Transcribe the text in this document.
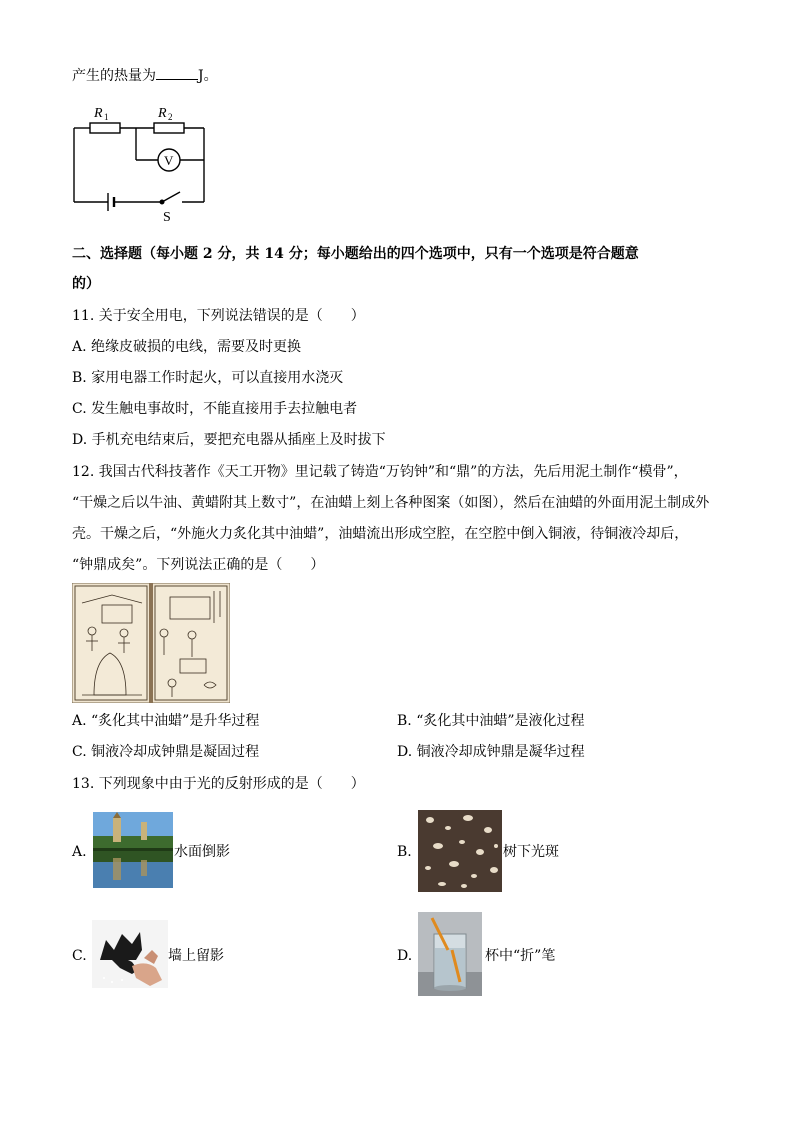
产生的热量为	J。
R 1	R 2
V
S
二、选择题（每小题 2 分，共 14 分；每小题给出的四个选项中，只有一个选项是符合题意
的）
11. 关于安全用电，下列说法错误的是（　　）
A. 绝缘皮破损的电线，需要及时更换
B. 家用电器工作时起火，可以直接用水浇灭
C. 发生触电事故时，不能直接用手去拉触电者
D. 手机充电结束后，要把充电器从插座上及时拔下
12. 我国古代科技著作《天工开物》里记载了铸造“万钧钟”和“鼎”的方法，先后用泥土制作“模骨”，
“干燥之后以牛油、黄蜡附其上数寸”，在油蜡上刻上各种图案（如图），然后在油蜡的外面用泥土制成外
壳。干燥之后，“外施火力炙化其中油蜡”，油蜡流出形成空腔，在空腔中倒入铜液，待铜液冷却后，
“钟鼎成矣”。下列说法正确的是（　　）
A. “炙化其中油蜡”是升华过程	B. “炙化其中油蜡”是液化过程
C. 铜液冷却成钟鼎是凝固过程	D. 铜液冷却成钟鼎是凝华过程
13. 下列现象中由于光的反射形成的是（　　）
A.	水面倒影	B.	树下光斑
C.	墙上留影	D.	杯中“折”笔
